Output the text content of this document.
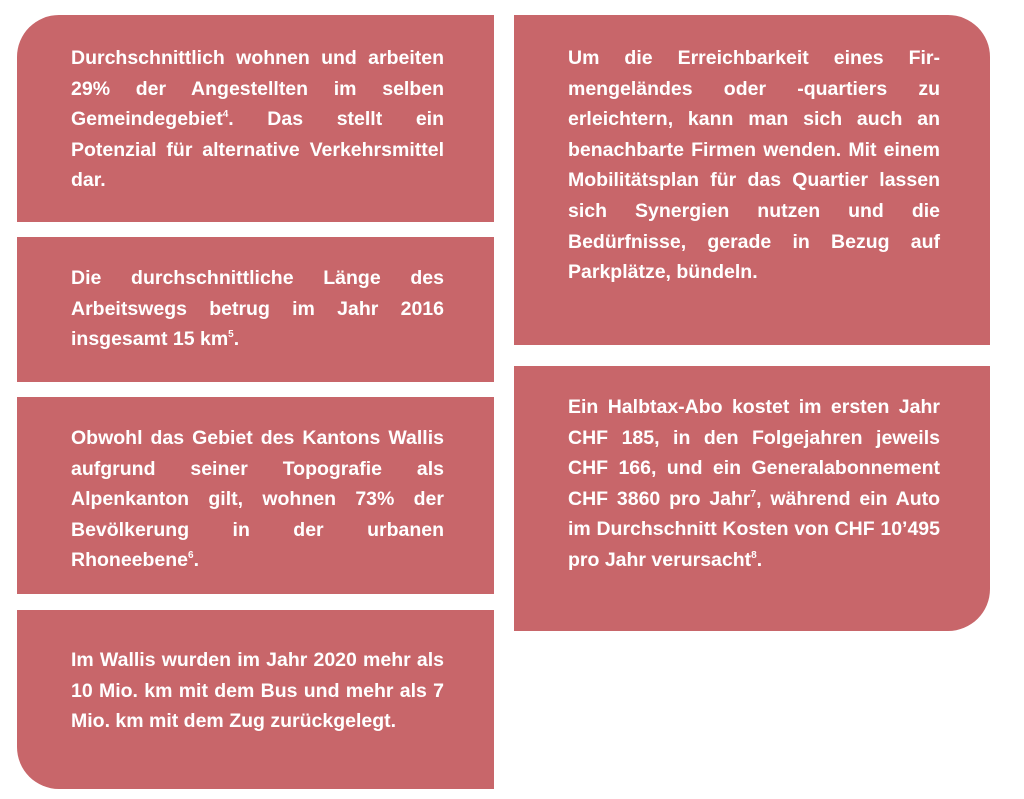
Durchschnittlich wohnen und arbeiten 29% der Angestellten im selben Gemeindegebiet$^4$. Das stellt ein Potenzial für alternative Verkehrsmittel dar.

Die durchschnittliche Länge des Arbeitswegs betrug im Jahr 2016 insgesamt 15 $km^5$.

Obwohl das Gebiet des Kantons Wallis aufgrund seiner Topografie als Alpenkanton gilt, wohnen 73% der Bevölkerung in der urbanen Rhoneebene$^6$.

Im Wallis wurden im Jahr 2020 mehr als 10 Mio. km mit dem Bus und mehr als 7 Mio. km mit dem Zug zurückgelegt.

Um die Erreichbarkeit eines Firmengeländes oder -quartiers zu erleichtern, kann man sich auch an benachbarte Firmen wenden. Mit einem Mobilitätsplan für das Quartier lassen sich Synergien nutzen und die Bedürfnisse, gerade in Bezug auf Parkplätze, bündeln.

Ein Halbtax-Abo kostet im ersten Jahr CHF 185, in den Folgejahren jeweils CHF 166, und ein Generalabonnement CHF 3860 pro Jahr$^7$, während ein Auto im Durchschnitt Kosten von CHF 10’495 pro Jahr verursacht$^8$.
